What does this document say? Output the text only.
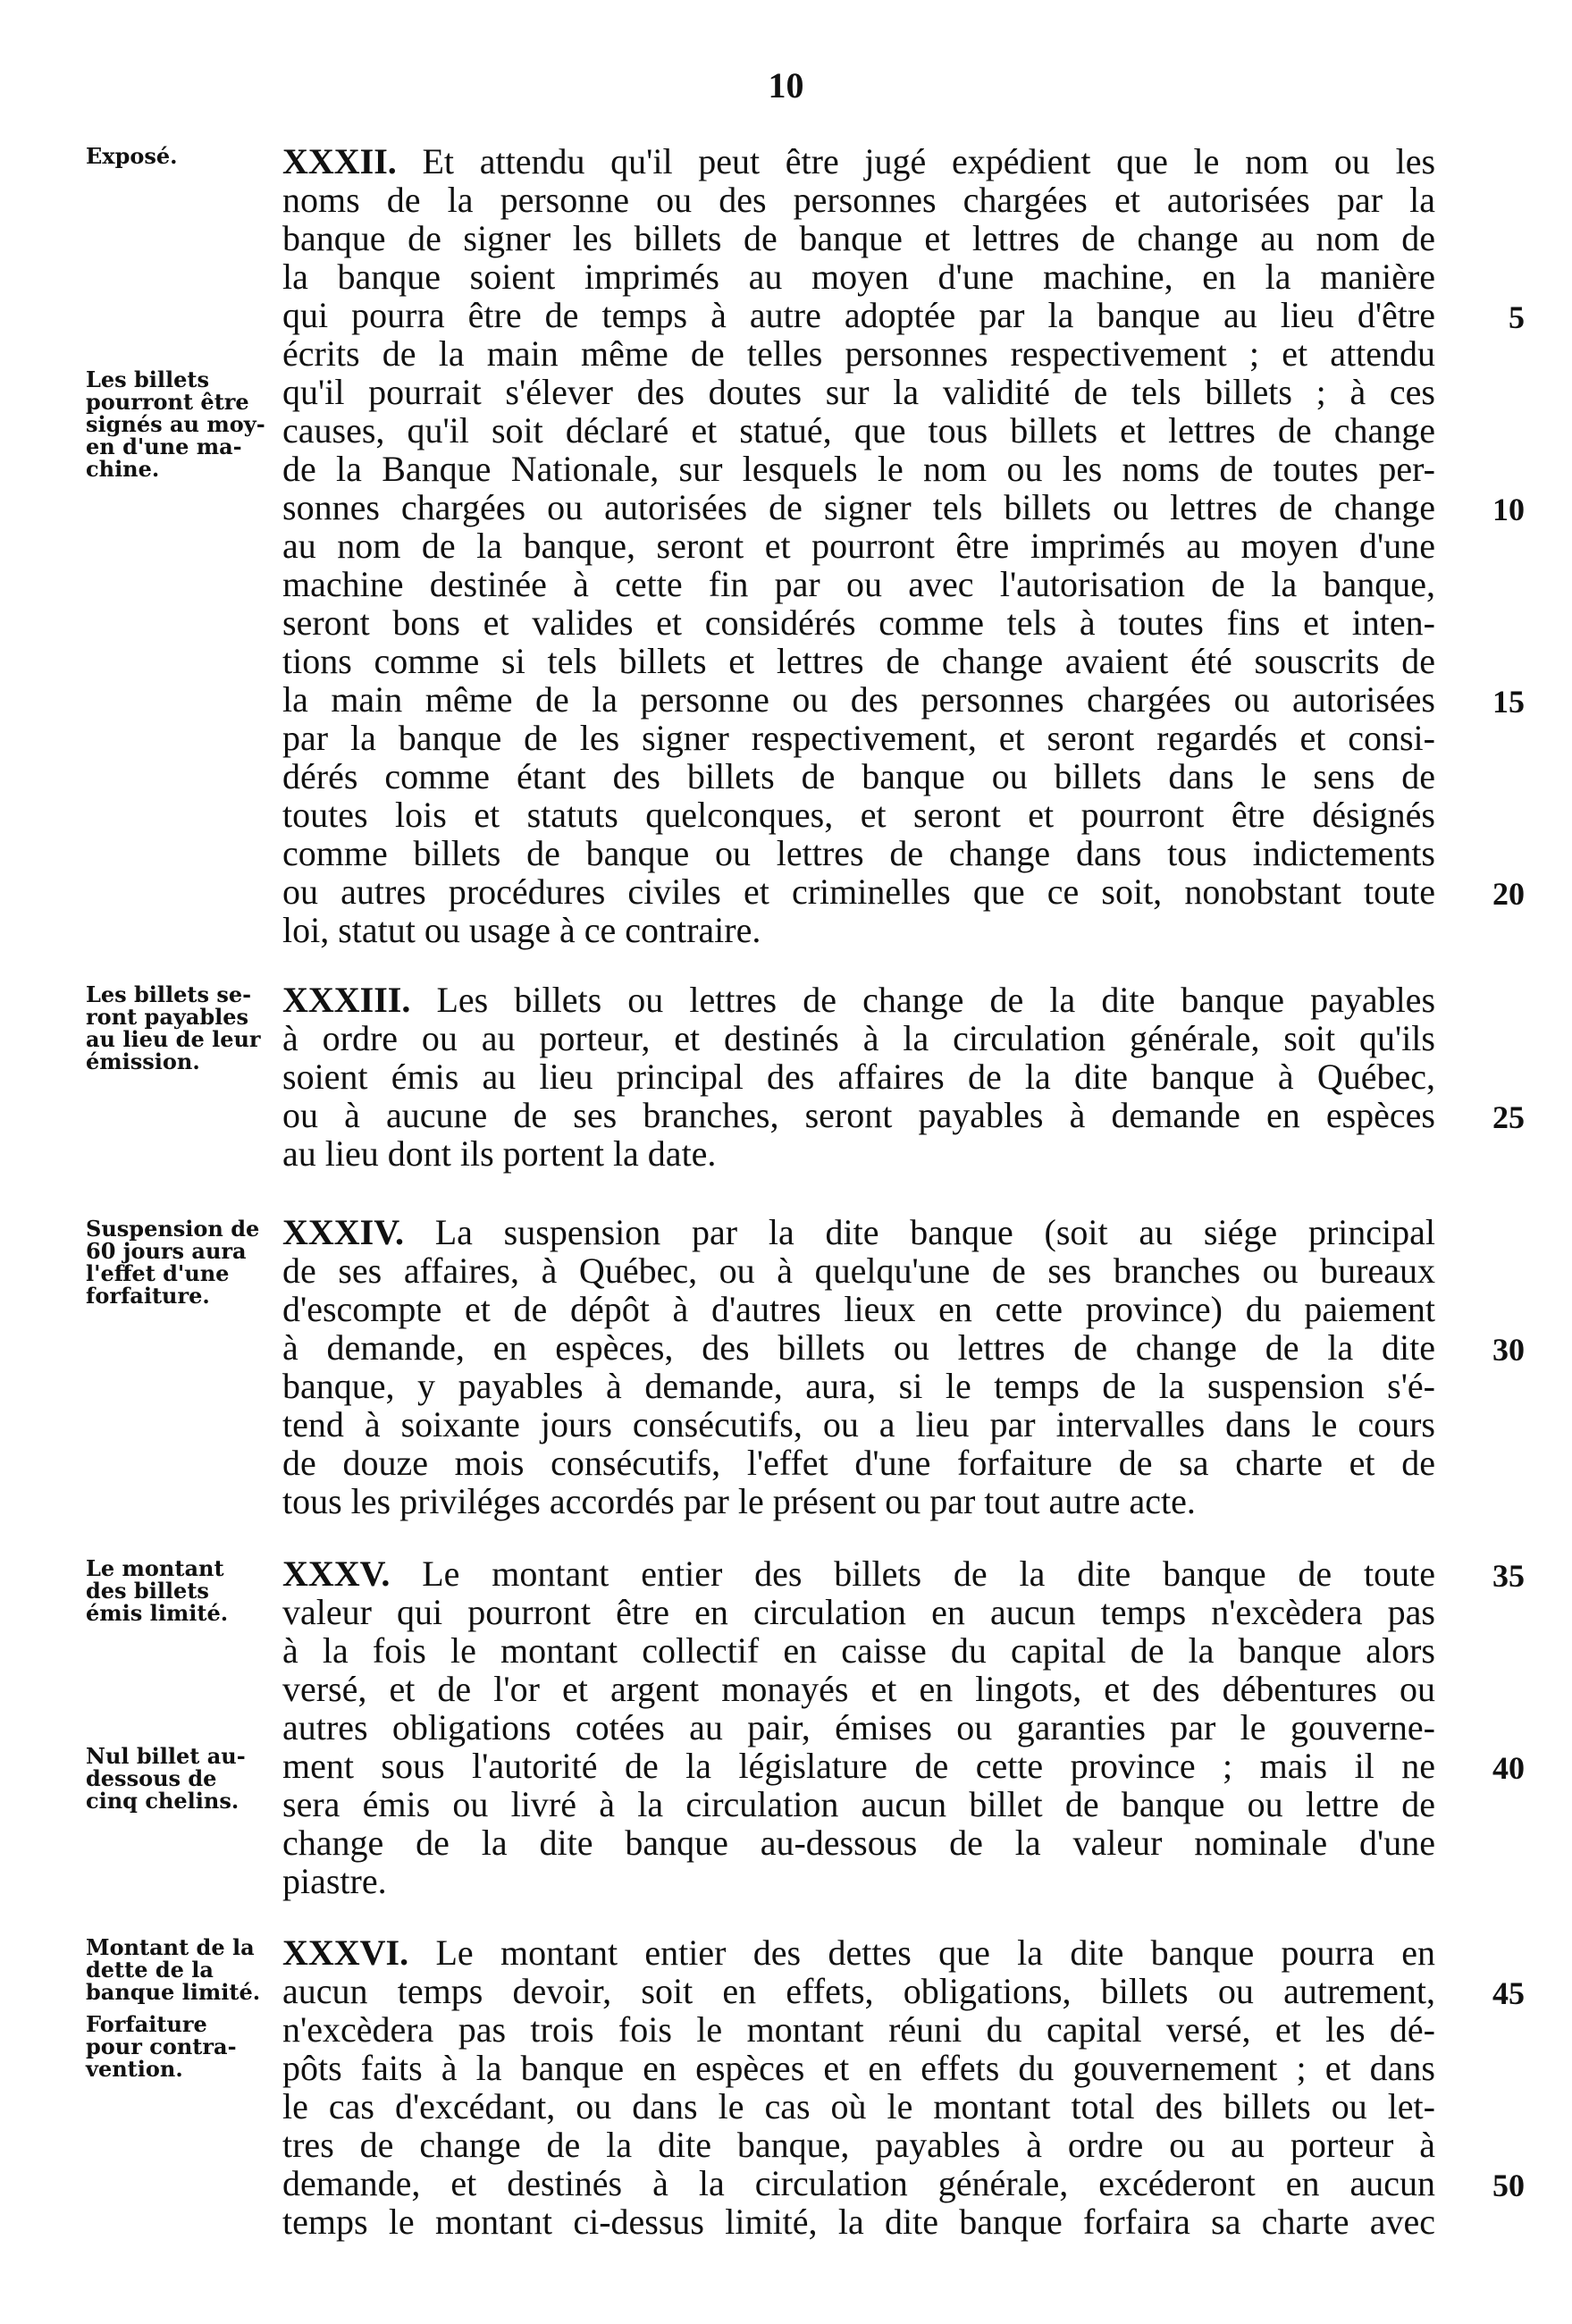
10
Exposé.
Les billets
pourront être
signés au moy-
en d'une ma-
chine.
Les billets se-
ront payables
au lieu de leur
émission.
Suspension de
60 jours aura
l'effet d'une
forfaiture.
Le montant
des billets
émis limité.
Nul billet au-
dessous de
cinq chelins.
Montant de la
dette de la
banque limité.
Forfaiture
pour contra-
vention.
XXXII. Et attendu qu'il peut être jugé expédient que le nom ou les
noms de la personne ou des personnes chargées et autorisées par la
banque de signer les billets de banque et lettres de change au nom de
la banque soient imprimés au moyen d'une machine, en la manière
qui pourra être de temps à autre adoptée par la banque au lieu d'être
écrits de la main même de telles personnes respectivement ; et attendu
qu'il pourrait s'élever des doutes sur la validité de tels billets ; à ces
causes, qu'il soit déclaré et statué, que tous billets et lettres de change
de la Banque Nationale, sur lesquels le nom ou les noms de toutes per-
sonnes chargées ou autorisées de signer tels billets ou lettres de change
au nom de la banque, seront et pourront être imprimés au moyen d'une
machine destinée à cette fin par ou avec l'autorisation de la banque,
seront bons et valides et considérés comme tels à toutes fins et inten-
tions comme si tels billets et lettres de change avaient été souscrits de
la main même de la personne ou des personnes chargées ou autorisées
par la banque de les signer respectivement, et seront regardés et consi-
dérés comme étant des billets de banque ou billets dans le sens de
toutes lois et statuts quelconques, et seront et pourront être désignés
comme billets de banque ou lettres de change dans tous indictements
ou autres procédures civiles et criminelles que ce soit, nonobstant toute
loi, statut ou usage à ce contraire.
XXXIII. Les billets ou lettres de change de la dite banque payables
à ordre ou au porteur, et destinés à la circulation générale, soit qu'ils
soient émis au lieu principal des affaires de la dite banque à Québec,
ou à aucune de ses branches, seront payables à demande en espèces
au lieu dont ils portent la date.
XXXIV. La suspension par la dite banque (soit au siége principal
de ses affaires, à Québec, ou à quelqu'une de ses branches ou bureaux
d'escompte et de dépôt à d'autres lieux en cette province) du paiement
à demande, en espèces, des billets ou lettres de change de la dite
banque, y payables à demande, aura, si le temps de la suspension s'é-
tend à soixante jours consécutifs, ou a lieu par intervalles dans le cours
de douze mois consécutifs, l'effet d'une forfaiture de sa charte et de
tous les priviléges accordés par le présent ou par tout autre acte.
XXXV. Le montant entier des billets de la dite banque de toute
valeur qui pourront être en circulation en aucun temps n'excèdera pas
à la fois le montant collectif en caisse du capital de la banque alors
versé, et de l'or et argent monayés et en lingots, et des débentures ou
autres obligations cotées au pair, émises ou garanties par le gouverne-
ment sous l'autorité de la législature de cette province ; mais il ne
sera émis ou livré à la circulation aucun billet de banque ou lettre de
change de la dite banque au-dessous de la valeur nominale d'une
piastre.
XXXVI. Le montant entier des dettes que la dite banque pourra en
aucun temps devoir, soit en effets, obligations, billets ou autrement,
n'excèdera pas trois fois le montant réuni du capital versé, et les dé-
pôts faits à la banque en espèces et en effets du gouvernement ; et dans
le cas d'excédant, ou dans le cas où le montant total des billets ou let-
tres de change de la dite banque, payables à ordre ou au porteur à
demande, et destinés à la circulation générale, excéderont en aucun
temps le montant ci-dessus limité, la dite banque forfaira sa charte avec
5
10
15
20
25
30
35
40
45
50
